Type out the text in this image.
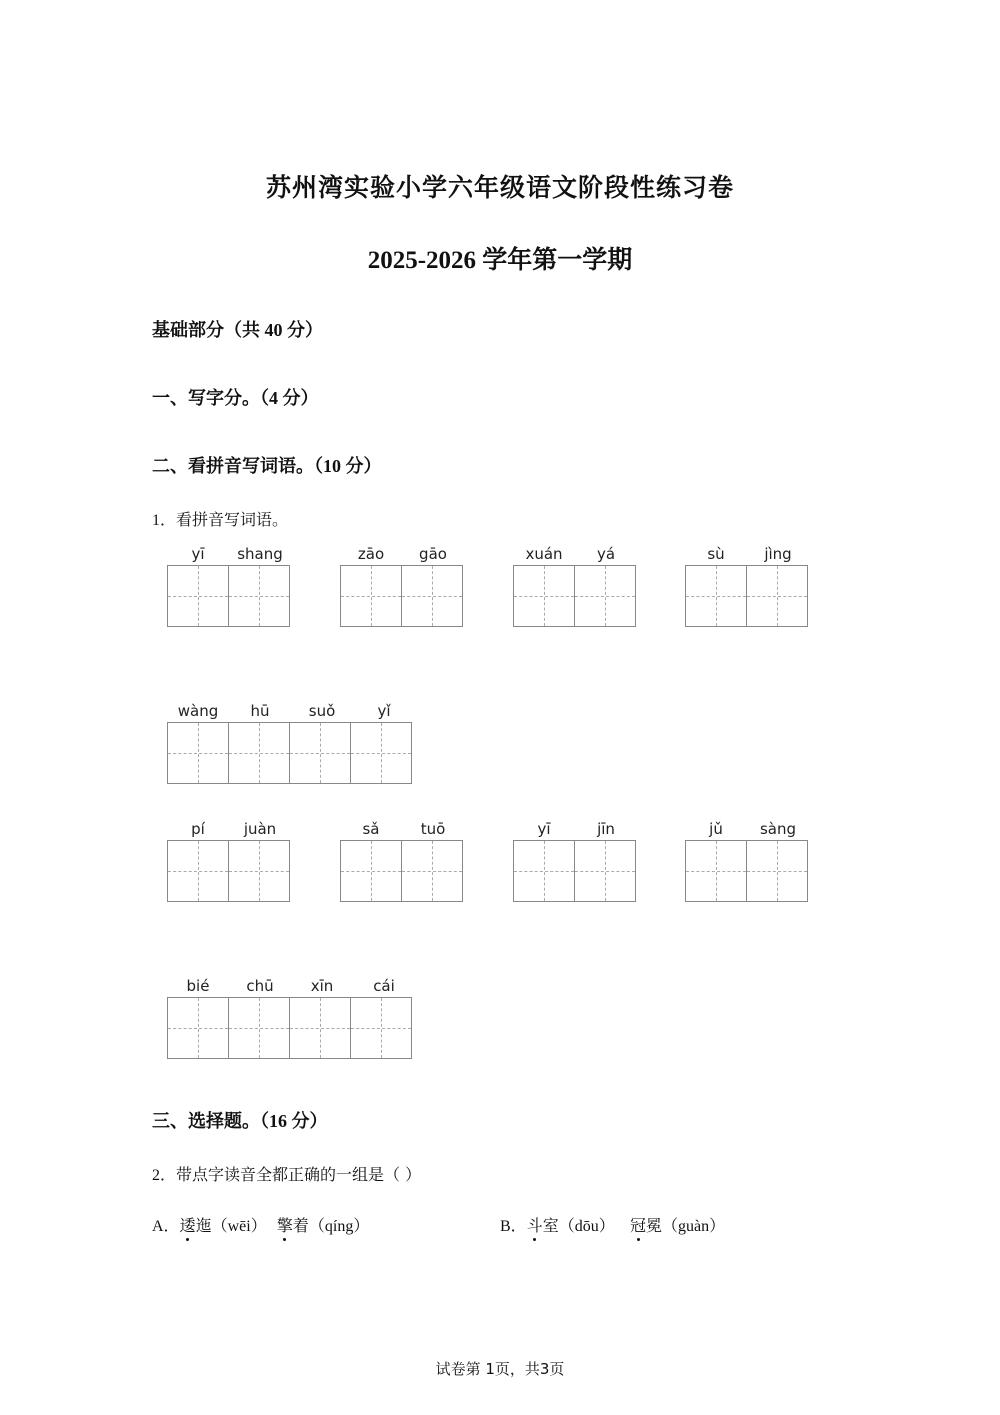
苏州湾实验小学六年级语文阶段性练习卷
2025-2026 学年第一学期
基础部分（共 40 分）
一、写字分。（4 分）
二、看拼音写词语。（10 分）
1．看拼音写词语。
yī	shang	zāo	gāo	xuán	yá	sù	jìng
wàng	hū	suǒ	yǐ
pí	juàn	sǎ	tuō	yī	jīn	jǔ	sàng
bié	chū	xīn	cái
三、选择题。（16 分）
2．带点字读音全都正确的一组是（ ）
A．逶迤（wēi） 擎着（qíng）	B．斗室（dōu） 冠冕（guàn）
试卷第 1页，共3页
